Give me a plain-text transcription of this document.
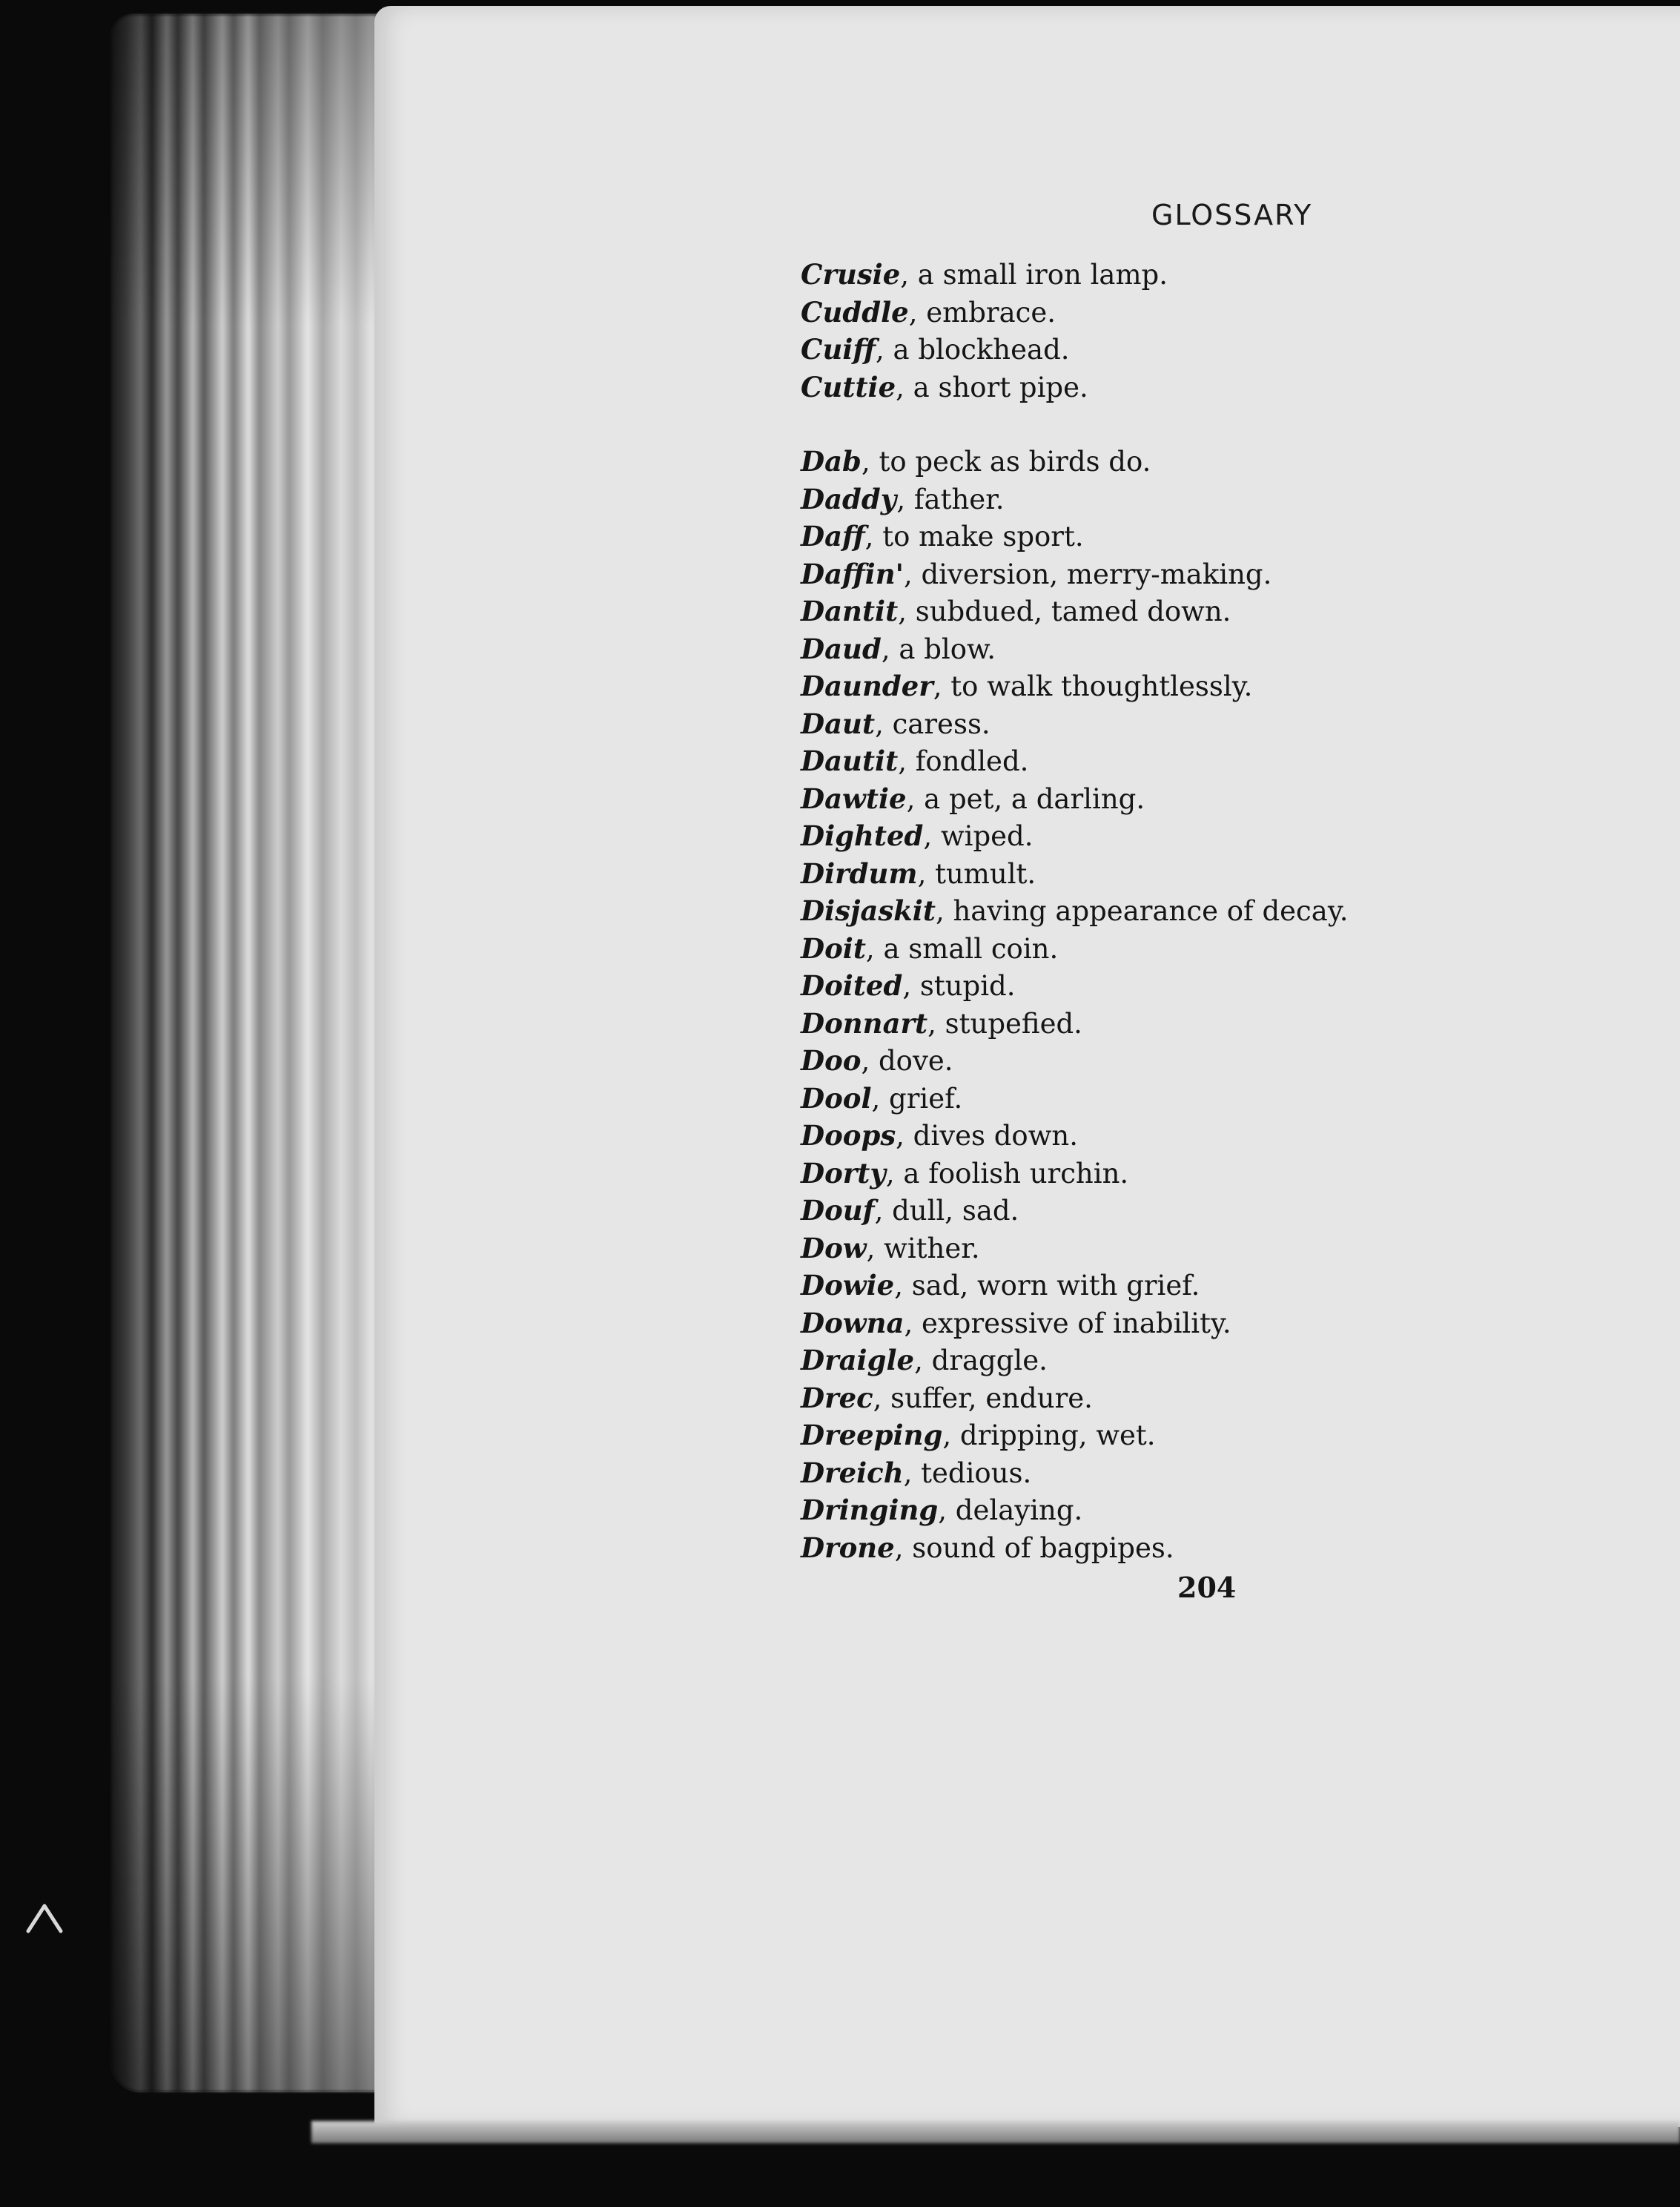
GLOSSARY
Crusie, a small iron lamp.
Cuddle, embrace.
Cuiff, a blockhead.
Cuttie, a short pipe.
Dab, to peck as birds do.
Daddy, father.
Daff, to make sport.
Daffin', diversion, merry-making.
Dantit, subdued, tamed down.
Daud, a blow.
Daunder, to walk thoughtlessly.
Daut, caress.
Dautit, fondled.
Dawtie, a pet, a darling.
Dighted, wiped.
Dirdum, tumult.
Disjaskit, having appearance of decay.
Doit, a small coin.
Doited, stupid.
Donnart, stupefied.
Doo, dove.
Dool, grief.
Doops, dives down.
Dorty, a foolish urchin.
Douf, dull, sad.
Dow, wither.
Dowie, sad, worn with grief.
Downa, expressive of inability.
Draigle, draggle.
Drec, suffer, endure.
Dreeping, dripping, wet.
Dreich, tedious.
Dringing, delaying.
Drone, sound of bagpipes.

204
